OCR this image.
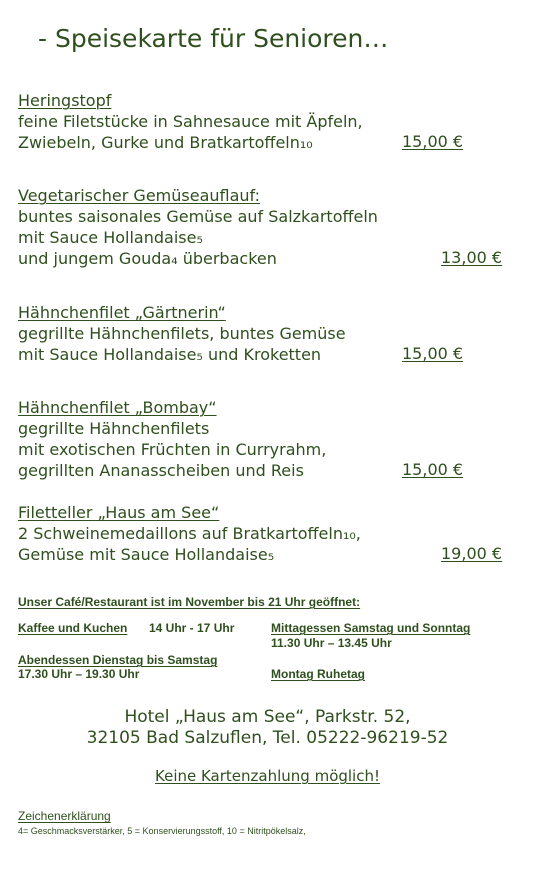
- Speisekarte für Senioren…
Heringstopf
feine Filetstücke in Sahnesauce mit Äpfeln,
Zwiebeln, Gurke und Bratkartoffeln₁₀	15,00 €
Vegetarischer Gemüseauflauf:
buntes saisonales Gemüse auf Salzkartoffeln
mit Sauce Hollandaise₅
und jungem Gouda₄ überbacken	13,00 €
Hähnchenfilet „Gärtnerin“
gegrillte Hähnchenfilets, buntes Gemüse
mit Sauce Hollandaise₅ und Kroketten	15,00 €
Hähnchenfilet „Bombay“
gegrillte Hähnchenfilets
mit exotischen Früchten in Curryrahm,
gegrillten Ananasscheiben und Reis	15,00 €
Filetteller „Haus am See“
2 Schweinemedaillons auf Bratkartoffeln₁₀,
Gemüse mit Sauce Hollandaise₅	19,00 €
Unser Café/Restaurant ist im November bis 21 Uhr geöffnet:
Kaffee und Kuchen 14 Uhr - 17 Uhr	Mittagessen Samstag und Sonntag
11.30 Uhr – 13.45 Uhr
Abendessen Dienstag bis Samstag
17.30 Uhr – 19.30 Uhr	Montag Ruhetag
Hotel „Haus am See“, Parkstr. 52,
32105 Bad Salzuflen, Tel. 05222-96219-52
Keine Kartenzahlung möglich!
Zeichenerklärung
4= Geschmacksverstärker, 5 = Konservierungsstoff, 10 = Nitritpökelsalz,
